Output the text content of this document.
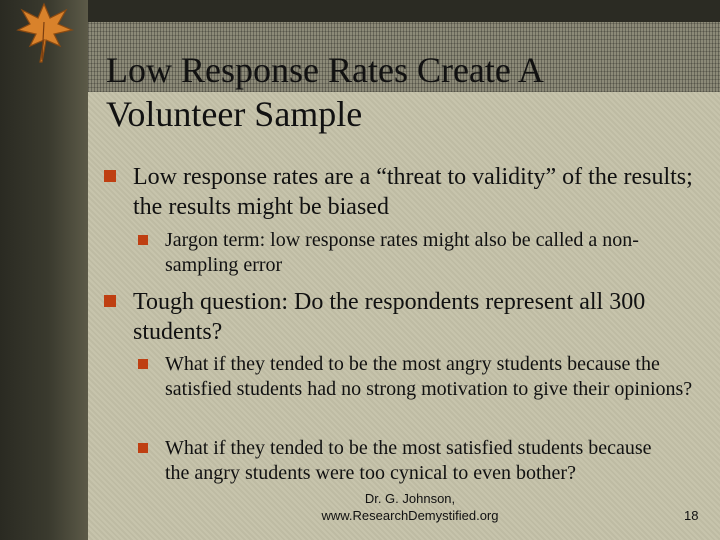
Low Response Rates Create A
Volunteer Sample
Low response rates are a “threat to validity” of the results; the results might be biased
Jargon term: low response rates might also be called a non-sampling error
Tough question: Do the respondents represent all 300 students?
What if they tended to be the most angry students because the satisfied students had no strong motivation to give their opinions?
What if they tended to be the most satisfied students because the angry students were too cynical to even bother?
Dr. G. Johnson,
www.ResearchDemystified.org	18
